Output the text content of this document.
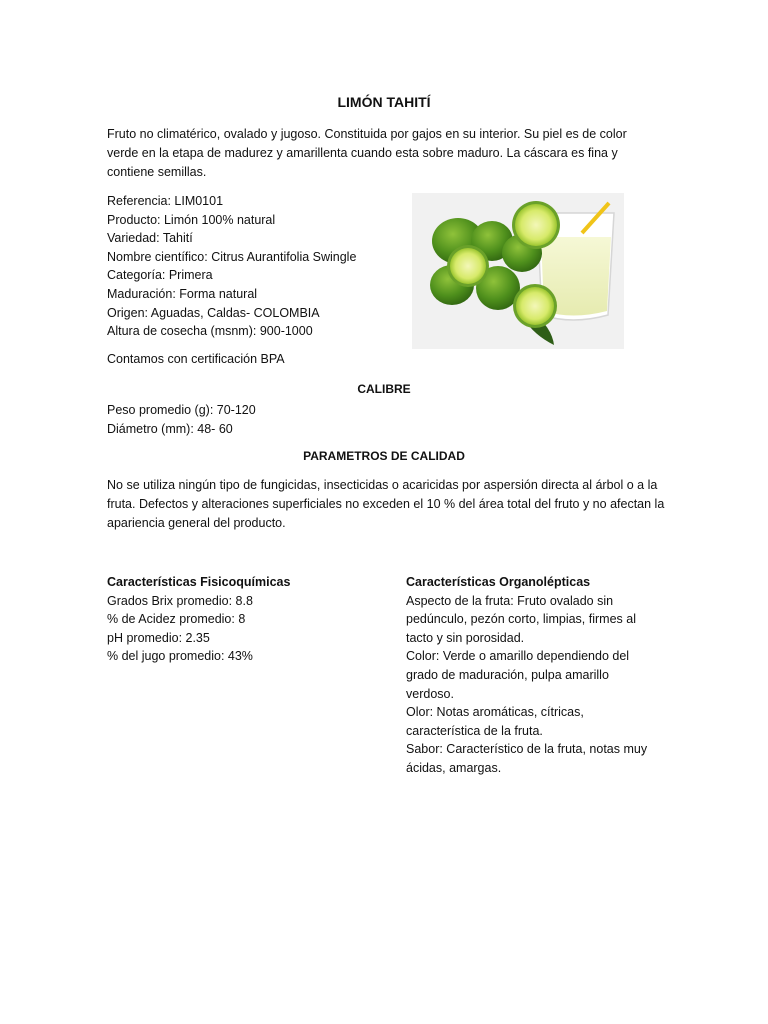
LIMÓN TAHITÍ

Fruto no climatérico, ovalado y jugoso. Constituida por gajos en su interior. Su piel es de color verde en la etapa de madurez y amarillenta cuando esta sobre maduro. La cáscara es fina y contiene semillas.

Referencia: LIM0101
Producto: Limón 100% natural
Variedad: Tahití
Nombre científico: Citrus Aurantifolia Swingle
Categoría: Primera
Maduración: Forma natural
Origen: Aguadas, Caldas- COLOMBIA
Altura de cosecha (msnm): 900-1000
Contamos con certificación BPA
CALIBRE
Peso promedio (g): 70-120
Diámetro (mm): 48- 60
PARAMETROS DE CALIDAD

No se utiliza ningún tipo de fungicidas, insecticidas o acaricidas por aspersión directa al árbol o a la fruta. Defectos y alteraciones superficiales no exceden el 10 % del área total del fruto y no afectan la apariencia general del producto.

Características Fisicoquímicas
Grados Brix promedio: 8.8
% de Acidez promedio: 8
pH promedio: 2.35
% del jugo promedio: 43%
Características Organolépticas
Aspecto de la fruta: Fruto ovalado sin pedúnculo, pezón corto, limpias, firmes al tacto y sin porosidad.
Color: Verde o amarillo dependiendo del grado de maduración, pulpa amarillo verdoso.
Olor: Notas aromáticas, cítricas, característica de la fruta.
Sabor: Característico de la fruta, notas muy ácidas, amargas.
